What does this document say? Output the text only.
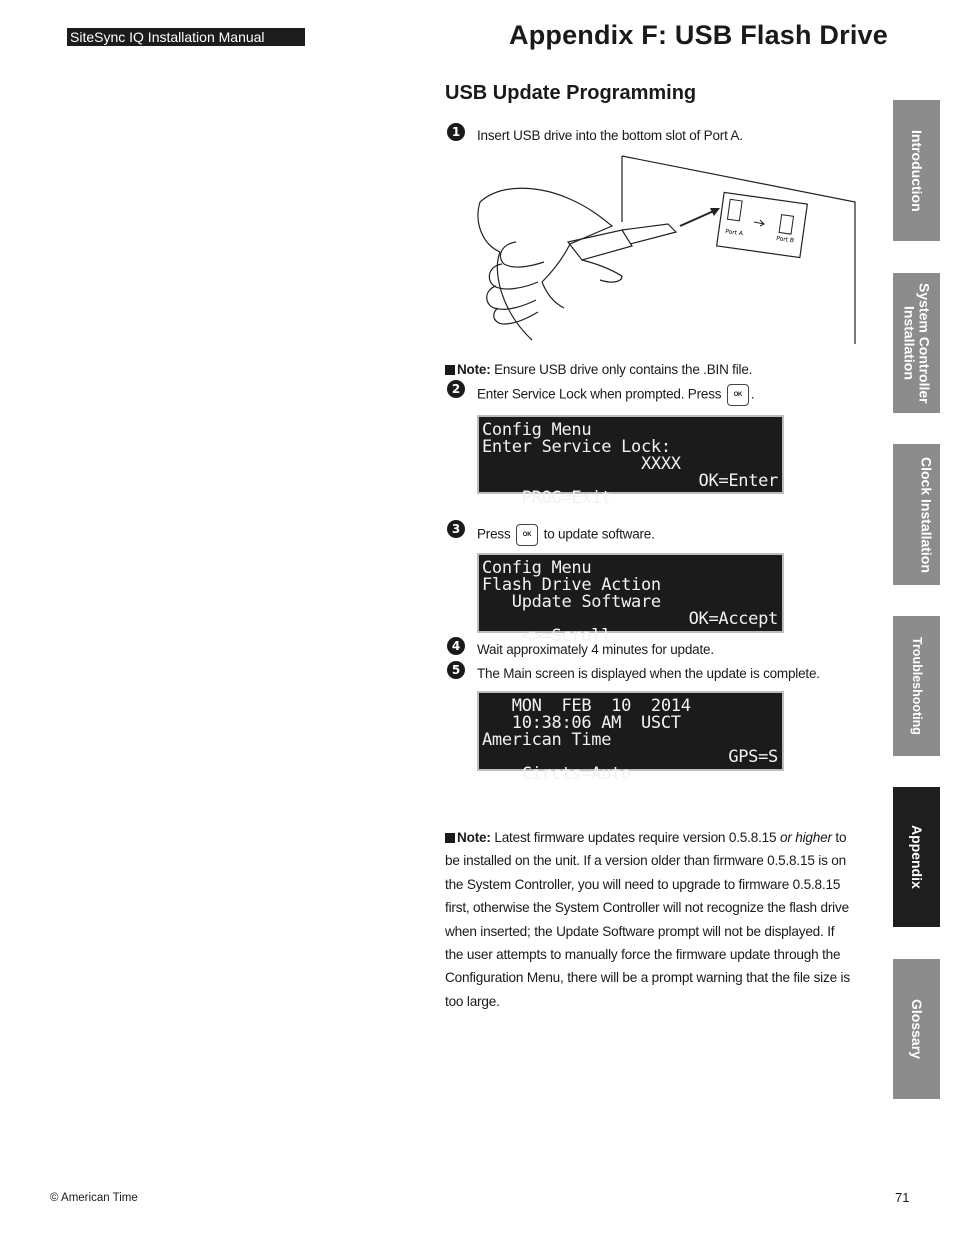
SiteSync IQ Installation Manual	Appendix F: USB Flash Drive
USB Update Programming
1	Insert USB drive into the bottom slot of Port A.
Port A
Port B
Note: Ensure USB drive only contains the .BIN file.
2	Enter Service Lock when prompted. Press OK .
Config Menu
Enter Service Lock:
XXXX

PROG=Exit

OK=Enter

3	Press OK to update software.
Config Menu
Flash Drive Action
Update Software

<>=Scroll

OK=Accept

4	Wait approximately 4 minutes for update.
5	The Main screen is displayed when the update is complete.
MON  FEB  10  2014
10:38:06 AM  USCT
American Time

Circts=Auto

GPS=S

Note: Latest firmware updates require version 0.5.8.15 or higher to be installed on the unit. If a version older than firmware 0.5.8.15 is on the System Controller, you will need to upgrade to firmware 0.5.8.15 first, otherwise the System Controller will not recognize the flash drive when inserted; the Update Software prompt will not be displayed. If the user attempts to manually force the firmware update through the Configuration Menu, there will be a prompt warning that the file size is too large.
Introduction
System Controller Installation
Clock Installation
Troubleshooting
Appendix
Glossary
© American Time	71
